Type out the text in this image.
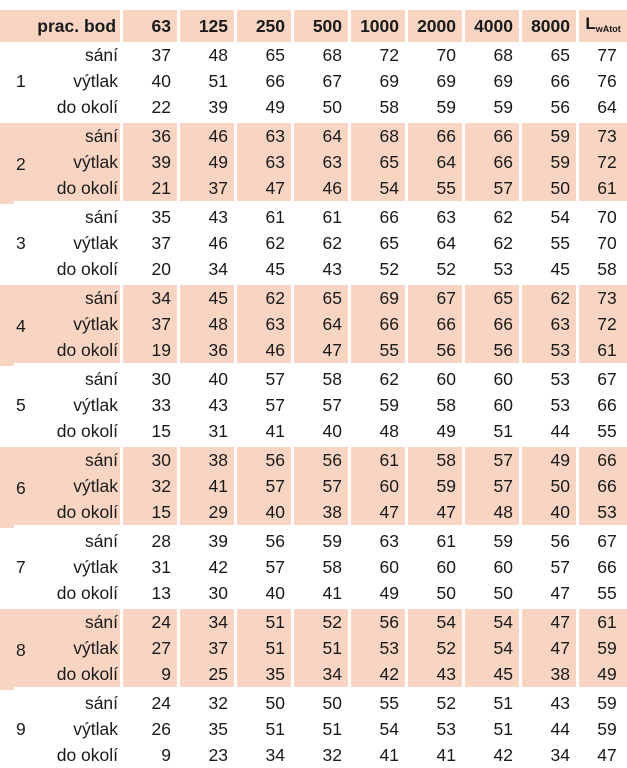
prac. bod		63	125	250	500	1000	2000	4000	8000	LwAtot
1	sání	37	48	65	68	72	70	68	65	77
	výtlak	40	51	66	67	69	69	69	66	76
	do okolí	22	39	49	50	58	59	59	56	64
2	sání	36	46	63	64	68	66	66	59	73
	výtlak	39	49	63	63	65	64	66	59	72
	do okolí	21	37	47	46	54	55	57	50	61
3	sání	35	43	61	61	66	63	62	54	70
	výtlak	37	46	62	62	65	64	62	55	70
	do okolí	20	34	45	43	52	52	53	45	58
4	sání	34	45	62	65	69	67	65	62	73
	výtlak	37	48	63	64	66	66	66	63	72
	do okolí	19	36	46	47	55	56	56	53	61
5	sání	30	40	57	58	62	60	60	53	67
	výtlak	33	43	57	57	59	58	60	53	66
	do okolí	15	31	41	40	48	49	51	44	55
6	sání	30	38	56	56	61	58	57	49	66
	výtlak	32	41	57	57	60	59	57	50	66
	do okolí	15	29	40	38	47	47	48	40	53
7	sání	28	39	56	59	63	61	59	56	67
	výtlak	31	42	57	58	60	60	60	57	66
	do okolí	13	30	40	41	49	50	50	47	55
8	sání	24	34	51	52	56	54	54	47	61
	výtlak	27	37	51	51	53	52	54	47	59
	do okolí	9	25	35	34	42	43	45	38	49
9	sání	24	32	50	50	55	52	51	43	59
	výtlak	26	35	51	51	54	53	51	44	59
	do okolí	9	23	34	32	41	41	42	34	47
